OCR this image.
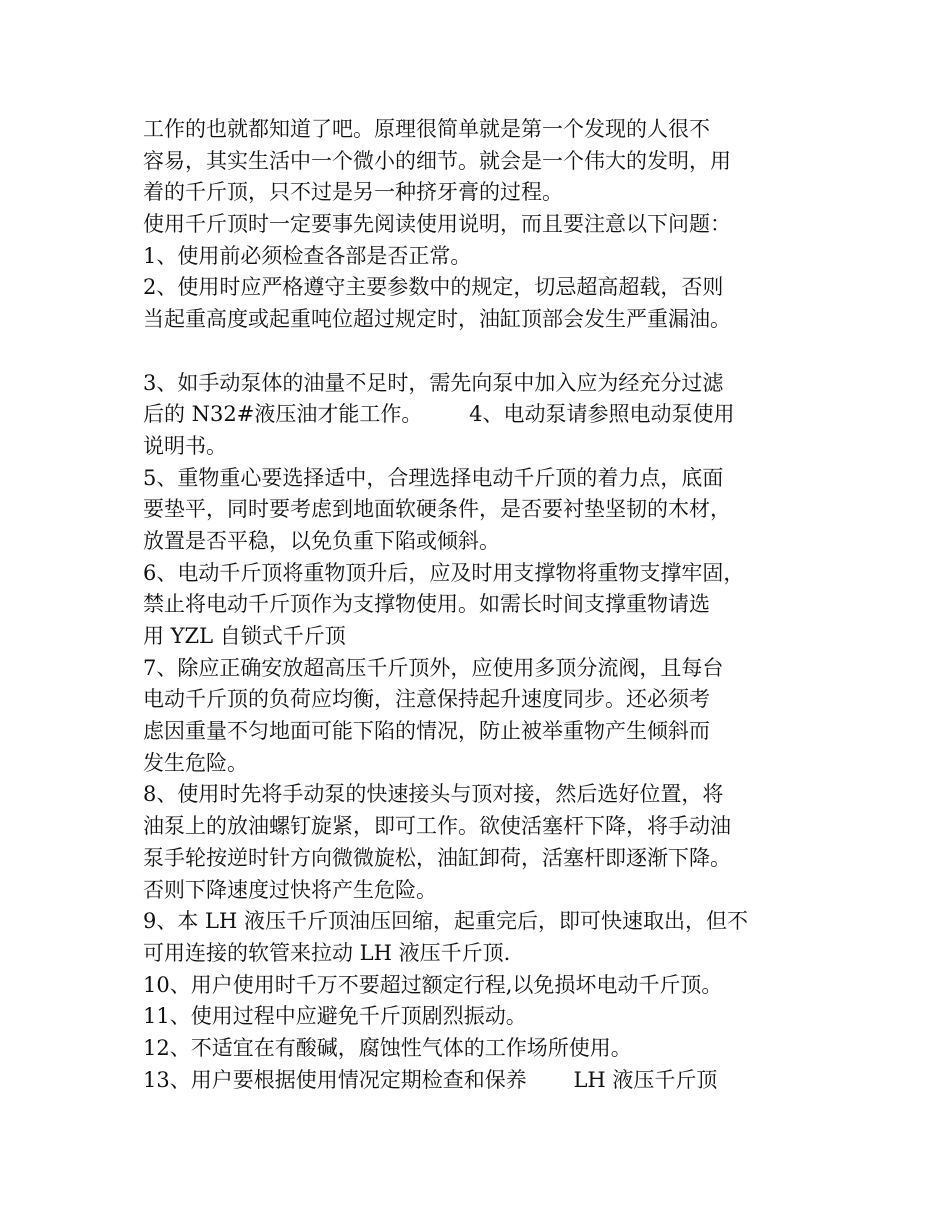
工作的也就都知道了吧。原理很简单就是第一个发现的人很不
容易，其实生活中一个微小的细节。就会是一个伟大的发明，用
着的千斤顶，只不过是另一种挤牙膏的过程。
使用千斤顶时一定要事先阅读使用说明，而且要注意以下问题：
1、使用前必须检查各部是否正常。
2、使用时应严格遵守主要参数中的规定，切忌超高超载，否则
当起重高度或起重吨位超过规定时，油缸顶部会发生严重漏油。
3、如手动泵体的油量不足时，需先向泵中加入应为经充分过滤
后的 N32#液压油才能工作。       4、电动泵请参照电动泵使用
说明书。
5、重物重心要选择适中，合理选择电动千斤顶的着力点，底面
要垫平，同时要考虑到地面软硬条件，是否要衬垫坚韧的木材，
放置是否平稳，以免负重下陷或倾斜。
6、电动千斤顶将重物顶升后，应及时用支撑物将重物支撑牢固，
禁止将电动千斤顶作为支撑物使用。如需长时间支撑重物请选
用 YZL 自锁式千斤顶
7、除应正确安放超高压千斤顶外，应使用多顶分流阀，且每台
电动千斤顶的负荷应均衡，注意保持起升速度同步。还必须考
虑因重量不匀地面可能下陷的情况，防止被举重物产生倾斜而
发生危险。
8、使用时先将手动泵的快速接头与顶对接，然后选好位置，将
油泵上的放油螺钉旋紧，即可工作。欲使活塞杆下降，将手动油
泵手轮按逆时针方向微微旋松，油缸卸荷，活塞杆即逐渐下降。
否则下降速度过快将产生危险。
9、本 LH 液压千斤顶油压回缩，起重完后，即可快速取出，但不
可用连接的软管来拉动 LH 液压千斤顶.
10、用户使用时千万不要超过额定行程,以免损坏电动千斤顶。
11、使用过程中应避免千斤顶剧烈振动。
12、不适宜在有酸碱，腐蚀性气体的工作场所使用。
13、用户要根据使用情况定期检查和保养       LH 液压千斤顶
